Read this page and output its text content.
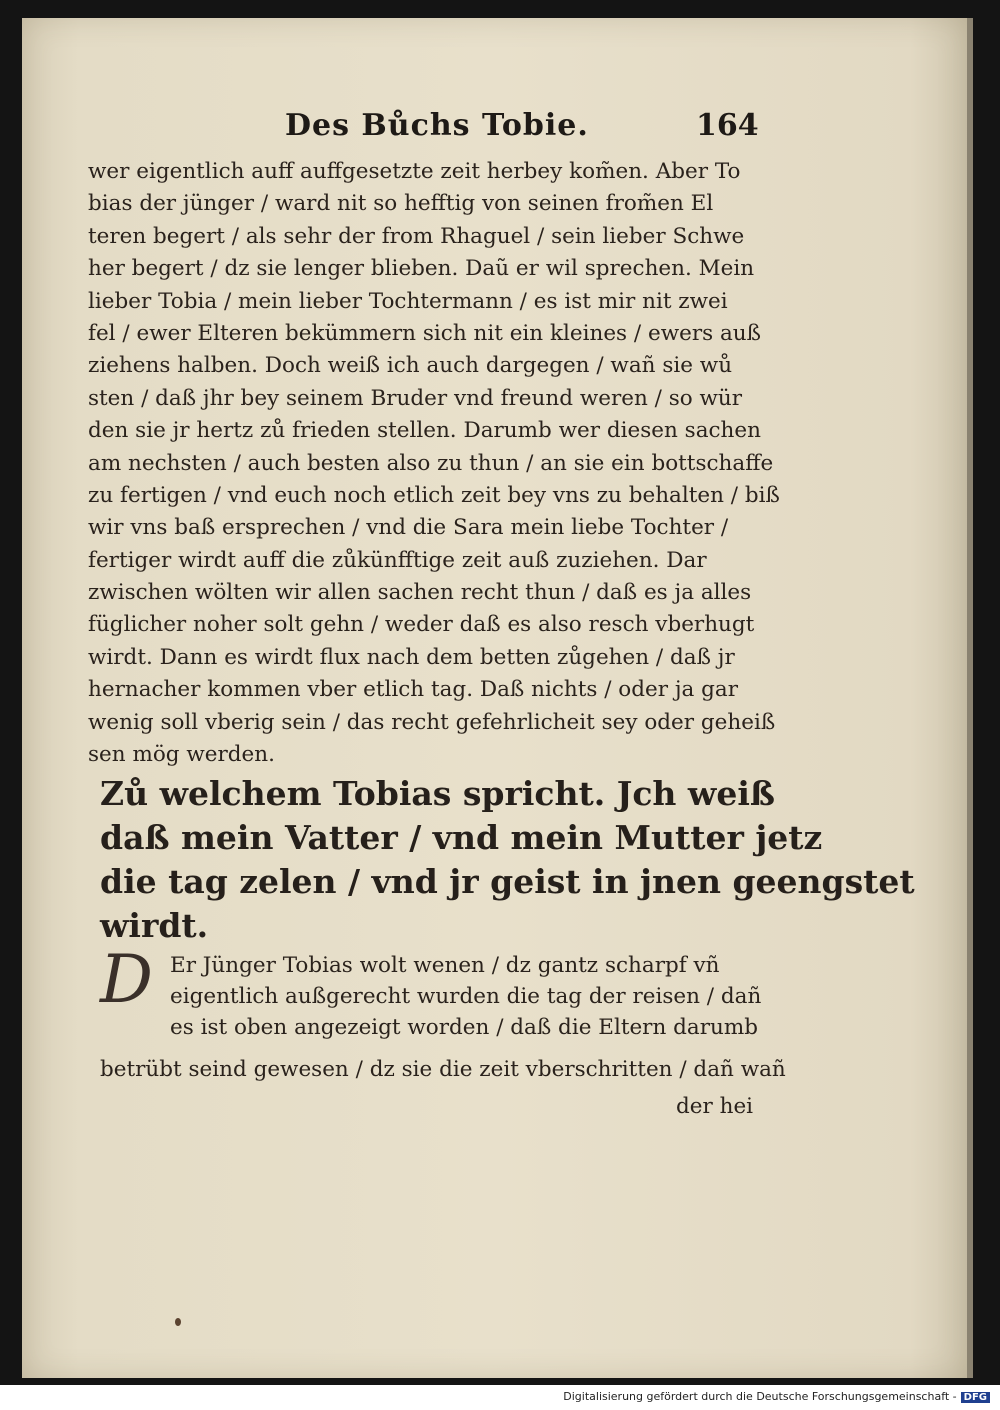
Des Bůchs Tobie.	164
wer eigentlich auff auffgesetzte zeit herbey kom̃en. Aber To
bias der jünger / ward nit so hefftig von seinen from̃en El
teren begert / als sehr der from Rhaguel / sein lieber Schwe
her begert / dz sie lenger blieben. Daũ er wil sprechen. Mein
lieber Tobia / mein lieber Tochtermann / es ist mir nit zwei
fel / ewer Elteren bekümmern sich nit ein kleines / ewers auß
ziehens halben. Doch weiß ich auch dargegen / wañ sie wů
sten / daß jhr bey seinem Bruder vnd freund weren / so wür
den sie jr hertz zů frieden stellen. Darumb wer diesen sachen
am nechsten / auch besten also zu thun / an sie ein bottschaffe
zu fertigen / vnd euch noch etlich zeit bey vns zu behalten / biß
wir vns baß ersprechen / vnd die Sara mein liebe Tochter /
fertiger wirdt auff die zůkünfftige zeit auß zuziehen. Dar
zwischen wölten wir allen sachen recht thun / daß es ja alles
füglicher noher solt gehn / weder daß es also resch vberhugt
wirdt. Dann es wirdt flux nach dem betten zůgehen / daß jr
hernacher kommen vber etlich tag. Daß nichts / oder ja gar
wenig soll vberig sein / das recht gefehrlicheit sey oder geheiß
sen mög werden.
Zů welchem Tobias spricht. Jch weiß
daß mein Vatter / vnd mein Mutter jetz
die tag zelen / vnd jr geist in jnen geengstet
wirdt.
D Er Jünger Tobias wolt wenen / dz gantz scharpf vñ
eigentlich außgerecht wurden die tag der reisen / dañ
es ist oben angezeigt worden / daß die Eltern darumb
betrübt seind gewesen / dz sie die zeit vberschritten / dañ wañ
der hei
Digitalisierung gefördert durch die Deutsche Forschungsgemeinschaft - DFG
